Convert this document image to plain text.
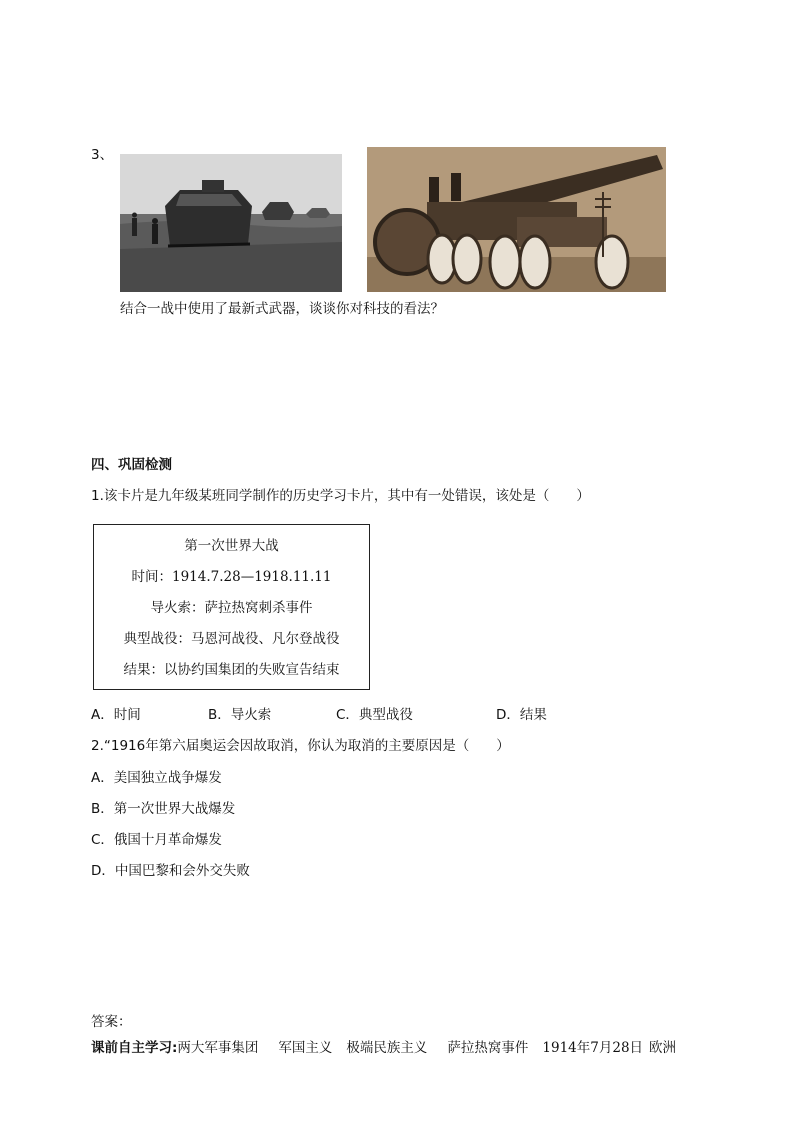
3、
结合一战中使用了最新式武器，谈谈你对科技的看法？
四、巩固检测
1.该卡片是九年级某班同学制作的历史学习卡片，其中有一处错误，该处是（　　）
第一次世界大战
时间：1914.7.28—1918.11.11
导火索：萨拉热窝刺杀事件
典型战役：马恩河战役、凡尔登战役
结果：以协约国集团的失败宣告结束
A．时间	B．导火索	C．典型战役	D．结果
2.“1916年第六届奥运会因故取消，你认为取消的主要原因是（　　）
A．美国独立战争爆发
B．第一次世界大战爆发
C．俄国十月革命爆发
D．中国巴黎和会外交失败
答案：
课前自主学习:两大军事集团 军国主义 极端民族主义 萨拉热窝事件 1914年7月28日 欧洲
